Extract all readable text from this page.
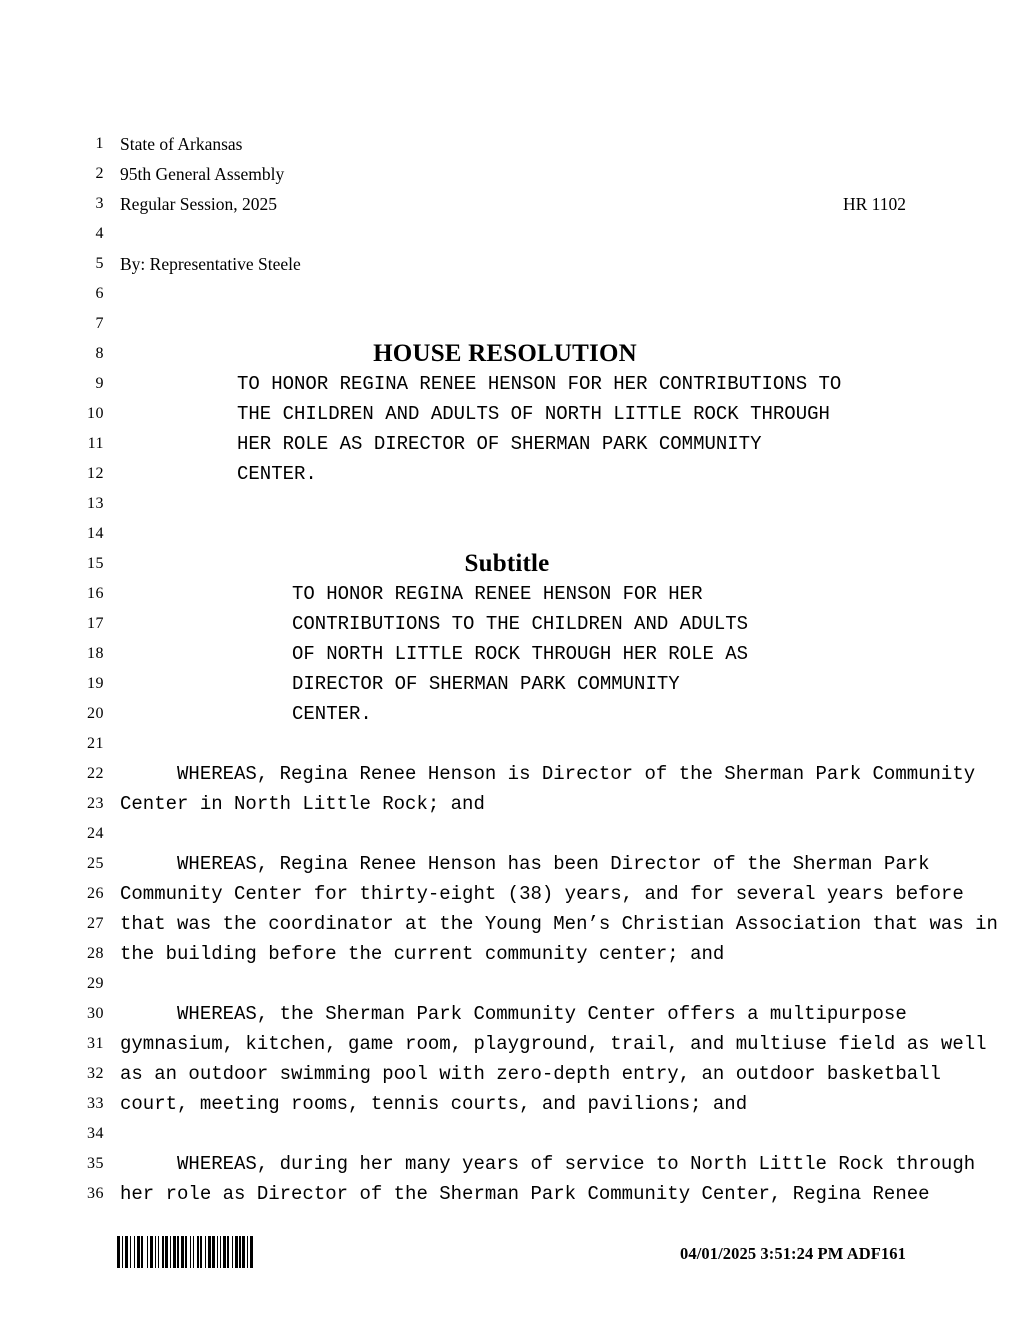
1
2
3
4
5
6
7
8
9
10
11
12
13
14
15
16
17
18
19
20
21
22
23
24
25
26
27
28
29
30
31
32
33
34
35
36
State of Arkansas
95th General Assembly
Regular Session, 2025	HR 1102
By: Representative Steele
HOUSE RESOLUTION
TO HONOR REGINA RENEE HENSON FOR HER CONTRIBUTIONS TO
THE CHILDREN AND ADULTS OF NORTH LITTLE ROCK THROUGH
HER ROLE AS DIRECTOR OF SHERMAN PARK COMMUNITY
CENTER.
Subtitle
TO HONOR REGINA RENEE HENSON FOR HER
CONTRIBUTIONS TO THE CHILDREN AND ADULTS
OF NORTH LITTLE ROCK THROUGH HER ROLE AS
DIRECTOR OF SHERMAN PARK COMMUNITY
CENTER.
WHEREAS, Regina Renee Henson is Director of the Sherman Park Community
Center in North Little Rock; and
WHEREAS, Regina Renee Henson has been Director of the Sherman Park
Community Center for thirty-eight (38) years, and for several years before
that was the coordinator at the Young Men’s Christian Association that was in
the building before the current community center; and
WHEREAS, the Sherman Park Community Center offers a multipurpose
gymnasium, kitchen, game room, playground, trail, and multiuse field as well
as an outdoor swimming pool with zero-depth entry, an outdoor basketball
court, meeting rooms, tennis courts, and pavilions; and
WHEREAS, during her many years of service to North Little Rock through
her role as Director of the Sherman Park Community Center, Regina Renee
04/01/2025 3:51:24 PM ADF161
